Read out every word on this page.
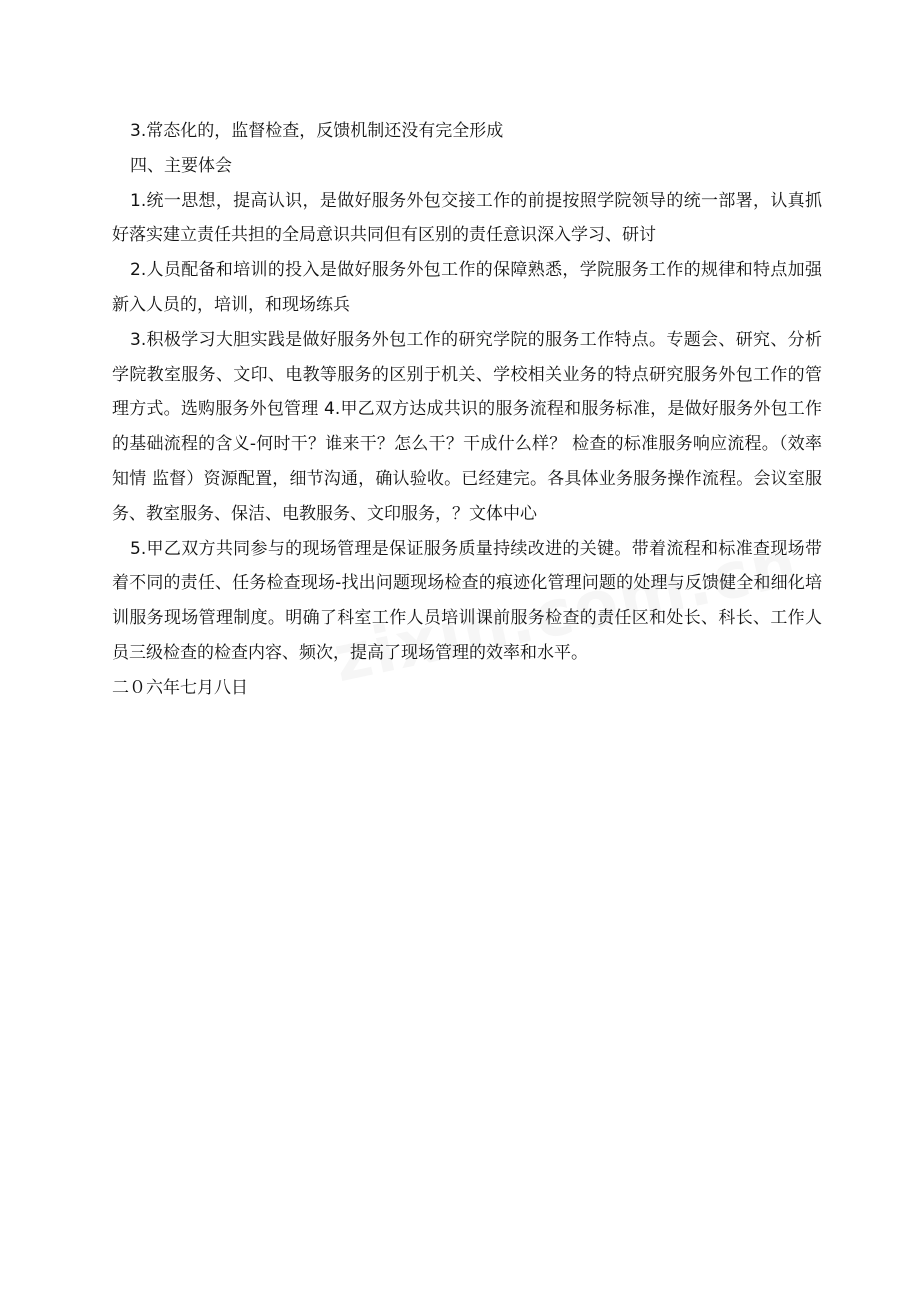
3.常态化的，监督检查，反馈机制还没有完全形成

四、主要体会

1.统一思想，提高认识，是做好服务外包交接工作的前提按照学院领导的统一部署，认真抓好落实建立责任共担的全局意识共同但有区别的责任意识深入学习、研讨

2.人员配备和培训的投入是做好服务外包工作的保障熟悉，学院服务工作的规律和特点加强新入人员的，培训，和现场练兵

3.积极学习大胆实践是做好服务外包工作的研究学院的服务工作特点。专题会、研究、分析学院教室服务、文印、电教等服务的区别于机关、学校相关业务的特点研究服务外包工作的管理方式。选购服务外包管理 4.甲乙双方达成共识的服务流程和服务标准，是做好服务外包工作的基础流程的含义-何时干？谁来干？怎么干？干成什么样？ 检查的标准服务响应流程。（效率 知情 监督）资源配置，细节沟通，确认验收。已经建完。各具体业务服务操作流程。会议室服务、教室服务、保洁、电教服务、文印服务，？文体中心

5.甲乙双方共同参与的现场管理是保证服务质量持续改进的关键。带着流程和标准查现场带着不同的责任、任务检查现场-找出问题现场检查的痕迹化管理问题的处理与反馈健全和细化培训服务现场管理制度。明确了科室工作人员培训课前服务检查的责任区和处长、科长、工作人员三级检查的检查内容、频次，提高了现场管理的效率和水平。

二０六年七月八日
